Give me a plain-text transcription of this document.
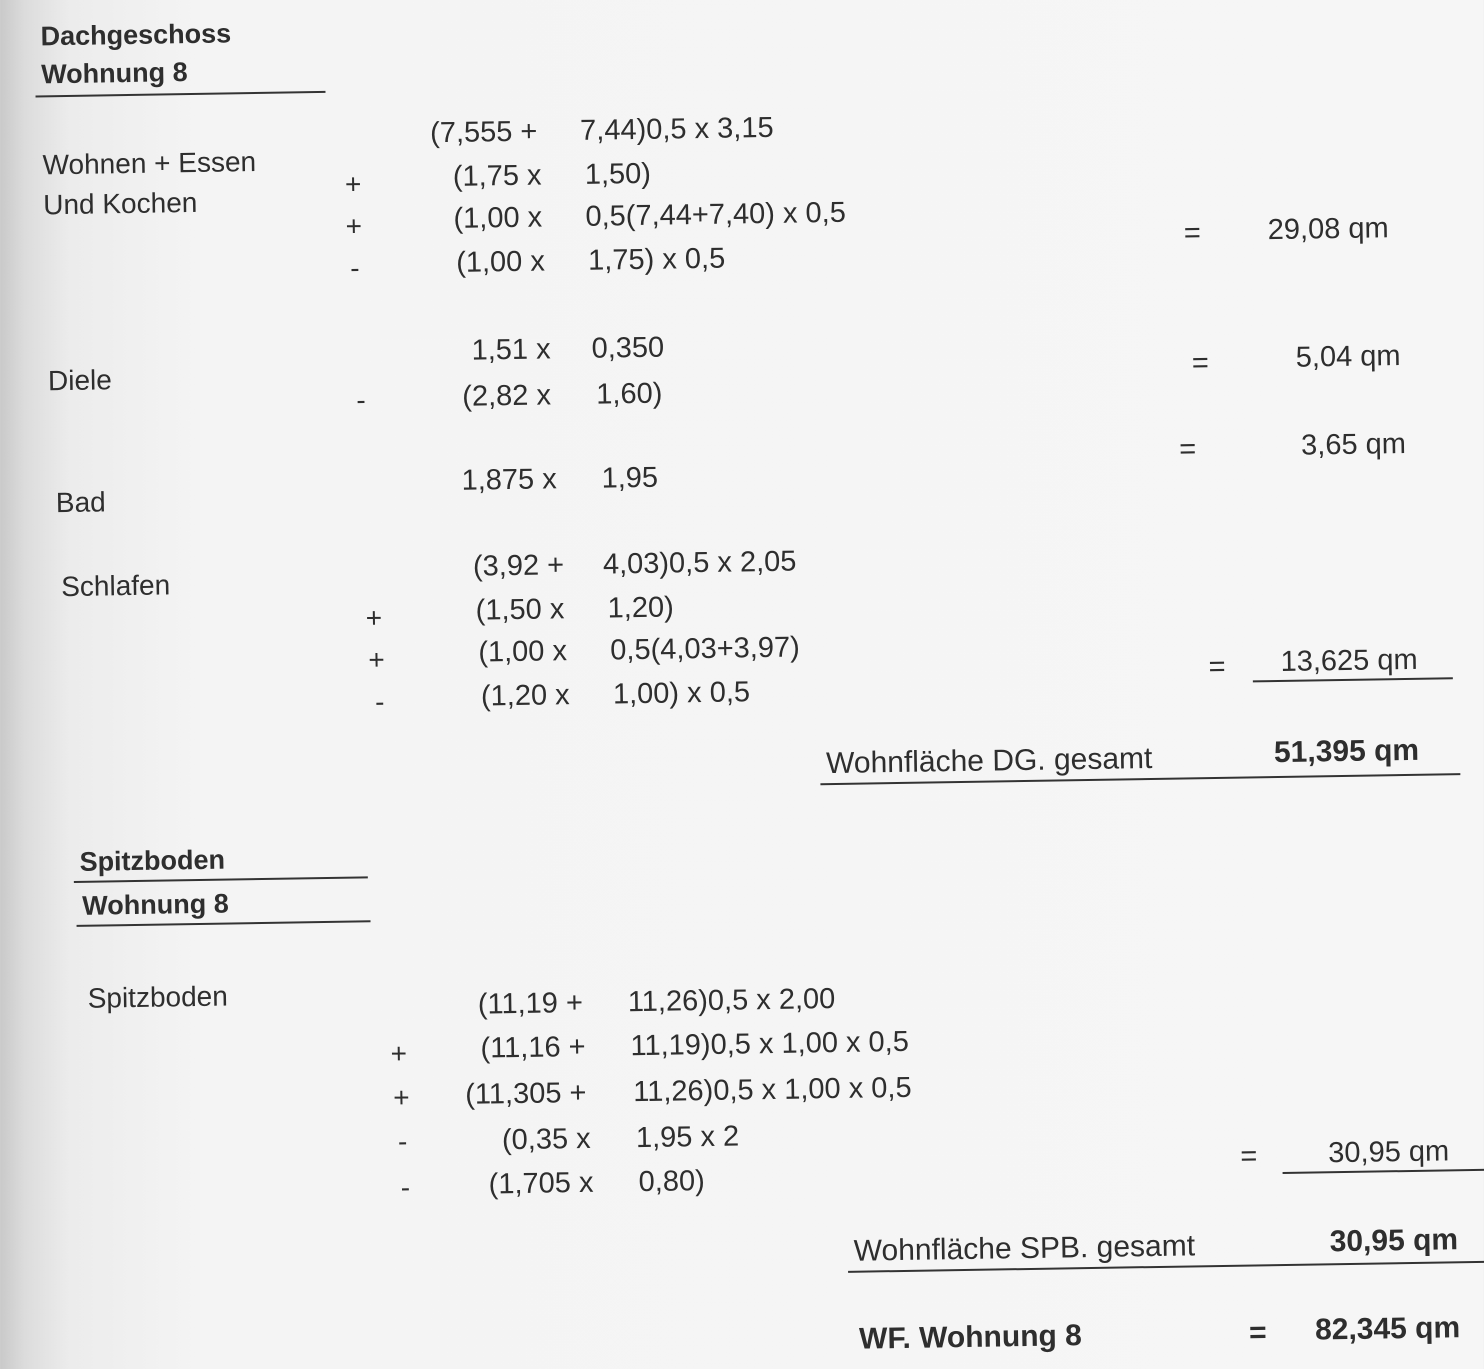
Dachgeschoss
Wohnung 8
Wohnen + Essen
Und Kochen
(7,555 + 7,44)0,5 x 3,15
+	(1,75 x 1,50)
+	(1,00 x 0,5(7,44+7,40) x 0,5
-	(1,00 x 1,75) x 0,5
= 29,08 qm
Diele
1,51 x 0,350
-	(2,82 x 1,60)
=	5,04 qm
Bad
1,875 x 1,95
=	3,65 qm
Schlafen
(3,92 + 4,03)0,5 x 2,05
+	(1,50 x 1,20)
+	(1,00 x 0,5(4,03+3,97)
-	(1,20 x 1,00) x 0,5
= 13,625 qm
Wohnfläche DG. gesamt	51,395 qm
Spitzboden
Wohnung 8
Spitzboden	(11,19 + 11,26)0,5 x 2,00
+	(11,16 + 11,19)0,5 x 1,00 x 0,5
+ (11,305 + 11,26)0,5 x 1,00 x 0,5
-	(0,35 x 1,95 x 2
-	(1,705 x 0,80)
= 30,95 qm
Wohnfläche SPB. gesamt	30,95 qm
WF. Wohnung 8	= 82,345 qm
